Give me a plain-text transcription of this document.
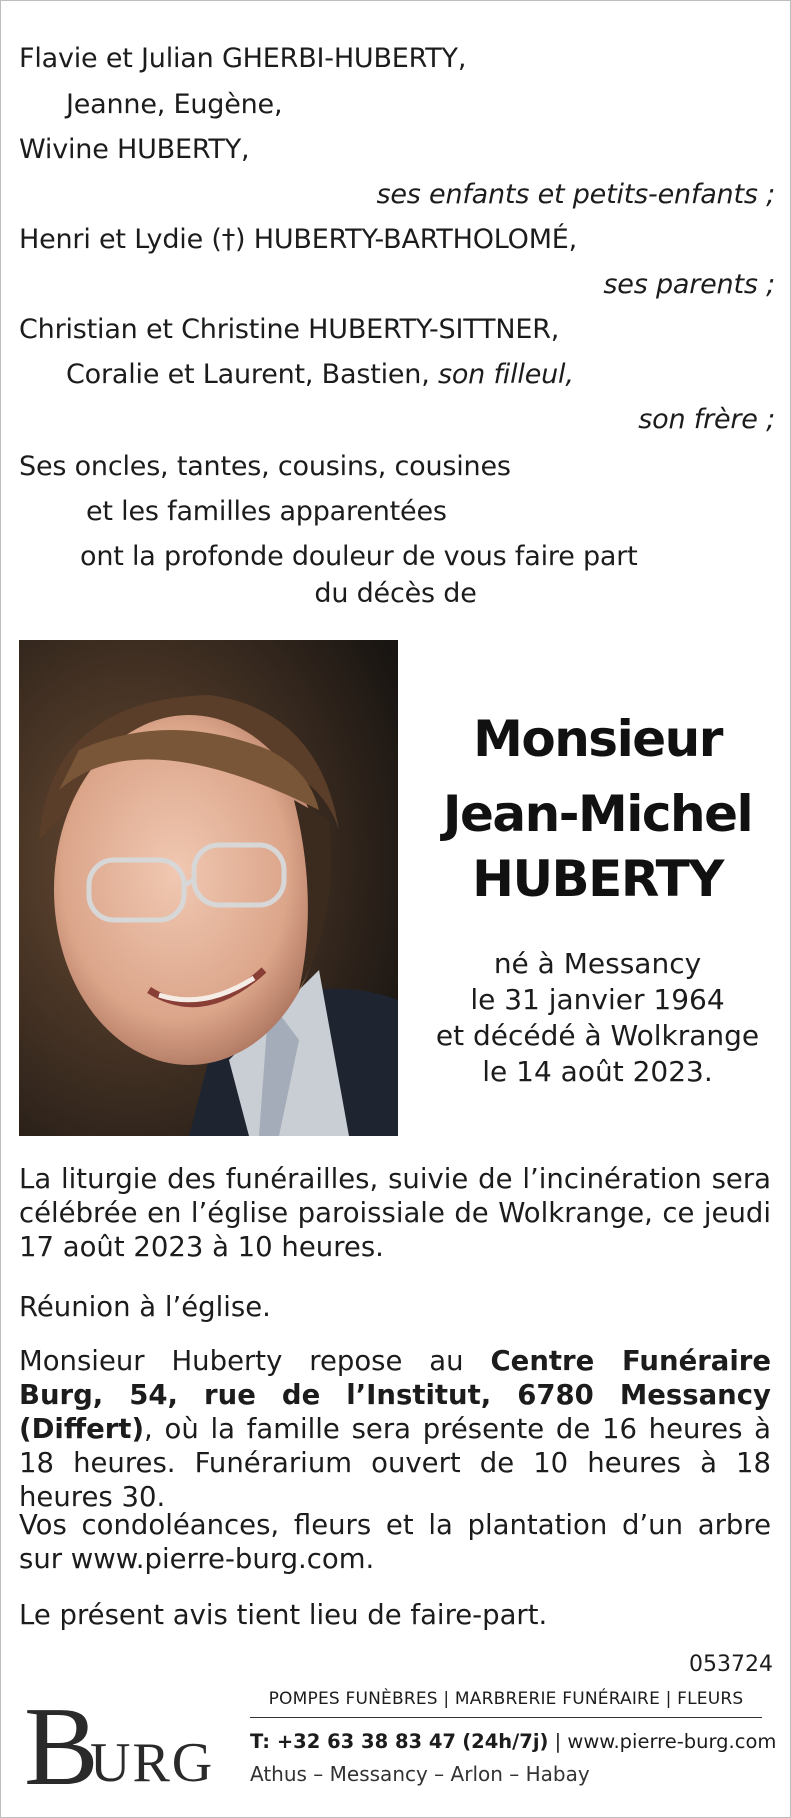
Flavie et Julian GHERBI-HUBERTY,
Jeanne, Eugène,
Wivine HUBERTY,
ses enfants et petits-enfants ;
Henri et Lydie (†) HUBERTY-BARTHOLOMÉ,
ses parents ;
Christian et Christine HUBERTY-SITTNER,
Coralie et Laurent, Bastien, son filleul,
son frère ;
Ses oncles, tantes, cousins, cousines
et les familles apparentées
ont la profonde douleur de vous faire part
du décès de
Monsieur
Jean-Michel
HUBERTY
né à Messancy
le 31 janvier 1964
et décédé à Wolkrange
le 14 août 2023.
La liturgie des funérailles, suivie de l’incinération sera célébrée en l’église paroissiale de Wolkrange, ce jeudi 17 août 2023 à 10 heures.
Réunion à l’église.
Monsieur Huberty repose au Centre Funéraire Burg, 54, rue de l’Institut, 6780 Messancy (Differt), où la famille sera présente de 16 heures à 18 heures. Funérarium ouvert de 10 heures à 18 heures 30.
Vos condoléances, fleurs et la plantation d’un arbre sur www.pierre-burg.com.
Le présent avis tient lieu de faire-part.
053724
B
URG
POMPES FUNÈBRES | MARBRERIE FUNÉRAIRE | FLEURS
T: +32 63 38 83 47 (24h/7j) | www.pierre-burg.com
Athus – Messancy – Arlon – Habay
